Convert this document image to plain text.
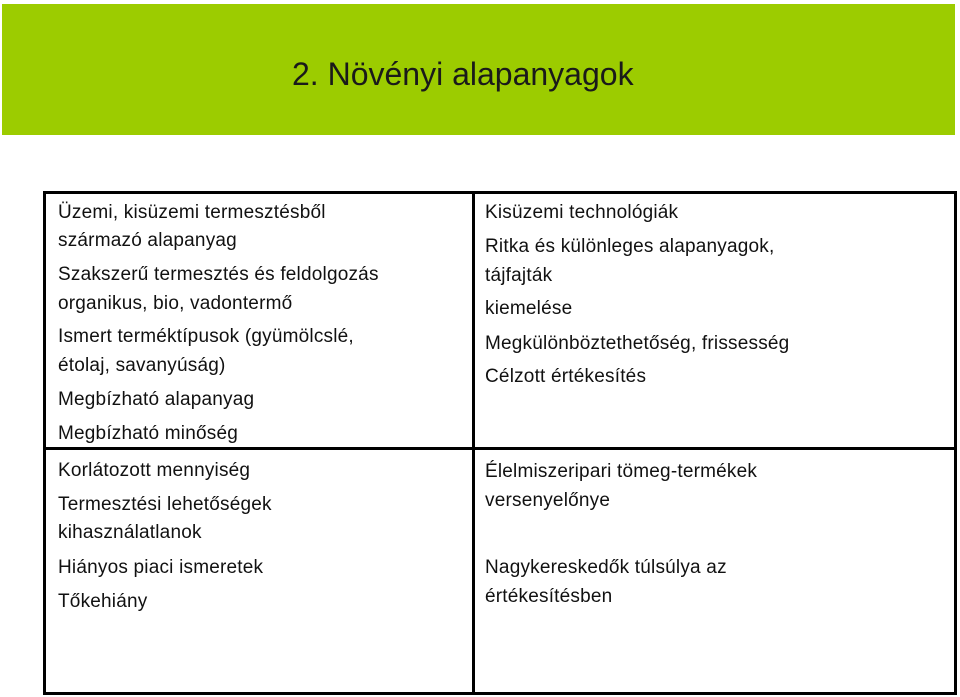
2. Növényi alapanyagok
Üzemi, kisüzemi termesztésből
származó alapanyag
Szakszerű termesztés és feldolgozás
organikus, bio, vadontermő
Ismert terméktípusok (gyümölcslé,
étolaj, savanyúság)
Megbízható alapanyag
Megbízható minőség
Kisüzemi technológiák
Ritka és különleges alapanyagok,
tájfajták
kiemelése
Megkülönböztethetőség, frissesség
Célzott értékesítés
Korlátozott mennyiség
Termesztési lehetőségek
kihasználatlanok
Hiányos piaci ismeretek
Tőkehiány
Élelmiszeripari tömeg-termékek
versenyelőnye
Nagykereskedők túlsúlya az
értékesítésben
